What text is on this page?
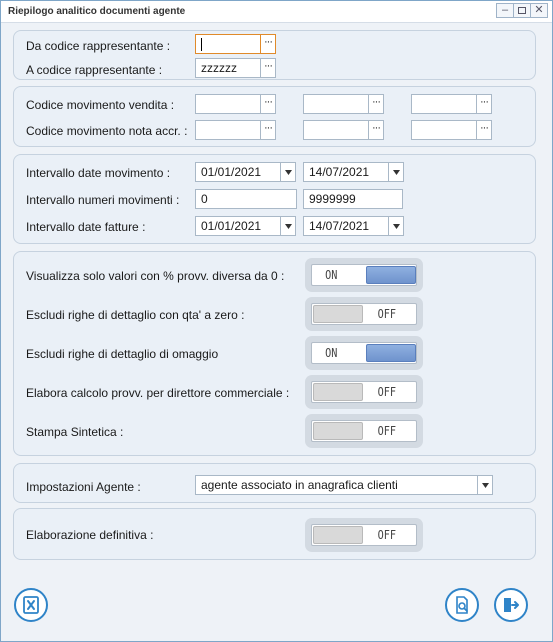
Riepilogo analitico documenti agente	– ✕
Da codice rappresentante :	···
A codice rappresentante :	zzzzzz	···
Codice movimento vendita :	···	···	···
Codice movimento nota accr. :	···	···	···
Intervallo date movimento :	01/01/2021	14/07/2021
Intervallo numeri movimenti :	0	9999999
Intervallo date fatture :	01/01/2021	14/07/2021
Visualizza solo valori con % provv. diversa da 0 :	ON
Escludi righe di dettaglio con qta' a zero :	OFF
Escludi righe di dettaglio di omaggio	ON
Elabora calcolo provv. per direttore commerciale :	OFF
Stampa Sintetica :	OFF
Impostazioni Agente :	agente associato in anagrafica clienti
Elaborazione definitiva :	OFF
